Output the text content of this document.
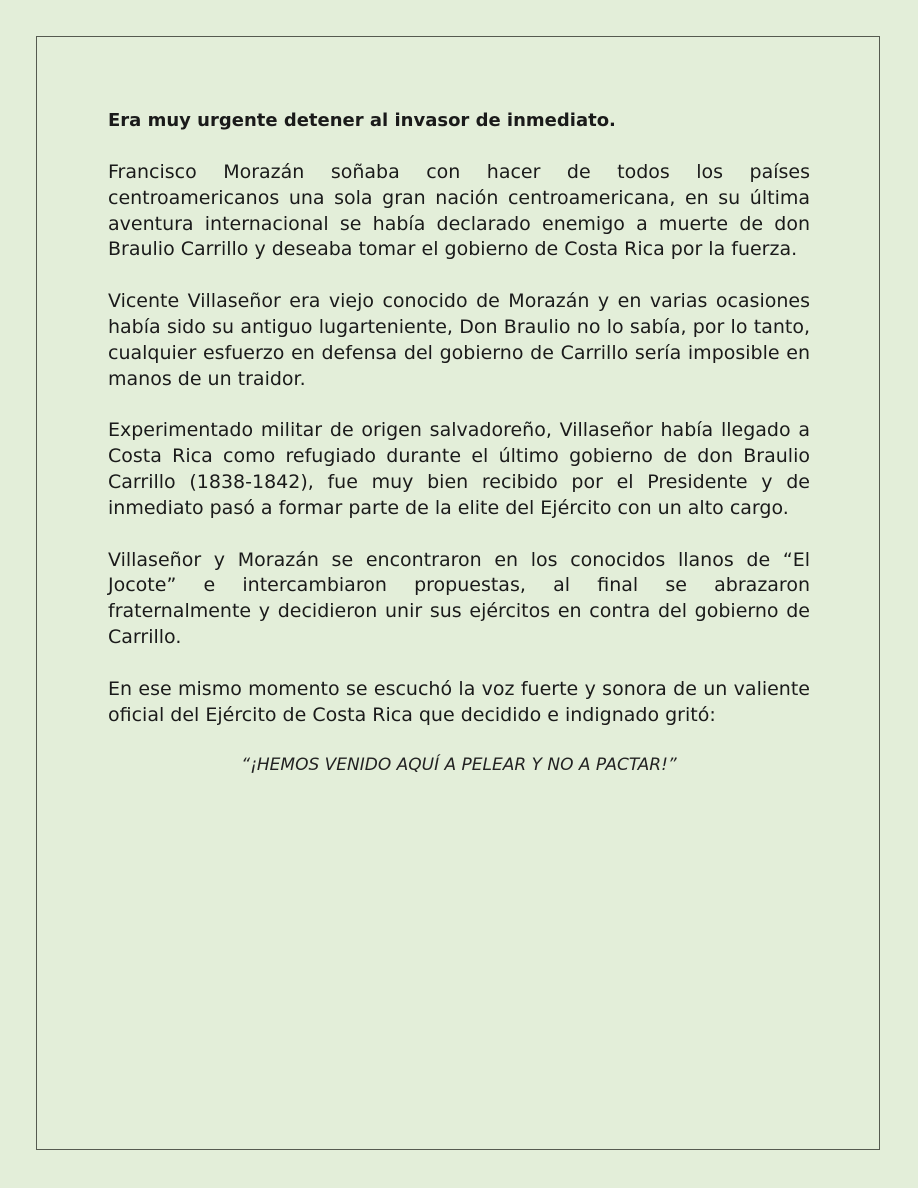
Era muy urgente detener al invasor de inmediato.

Francisco Morazán soñaba con hacer de todos los países centroamericanos una sola gran nación centroamericana, en su última aventura internacional se había declarado enemigo a muerte de don Braulio Carrillo y deseaba tomar el gobierno de Costa Rica por la fuerza.

Vicente Villaseñor era viejo conocido de Morazán y en varias ocasiones había sido su antiguo lugarteniente, Don Braulio no lo sabía, por lo tanto, cualquier esfuerzo en defensa del gobierno de Carrillo sería imposible en manos de un traidor.

Experimentado militar de origen salvadoreño, Villaseñor había llegado a Costa Rica como refugiado durante el último gobierno de don Braulio Carrillo (1838-1842), fue muy bien recibido por el Presidente y de inmediato pasó a formar parte de la elite del Ejército con un alto cargo.

Villaseñor y Morazán se encontraron en los conocidos llanos de “El Jocote” e intercambiaron propuestas, al final se abrazaron fraternalmente y decidieron unir sus ejércitos en contra del gobierno de Carrillo.

En ese mismo momento se escuchó la voz fuerte y sonora de un valiente oficial del Ejército de Costa Rica que decidido e indignado gritó:

“¡HEMOS VENIDO AQUÍ A PELEAR Y NO A PACTAR!”
